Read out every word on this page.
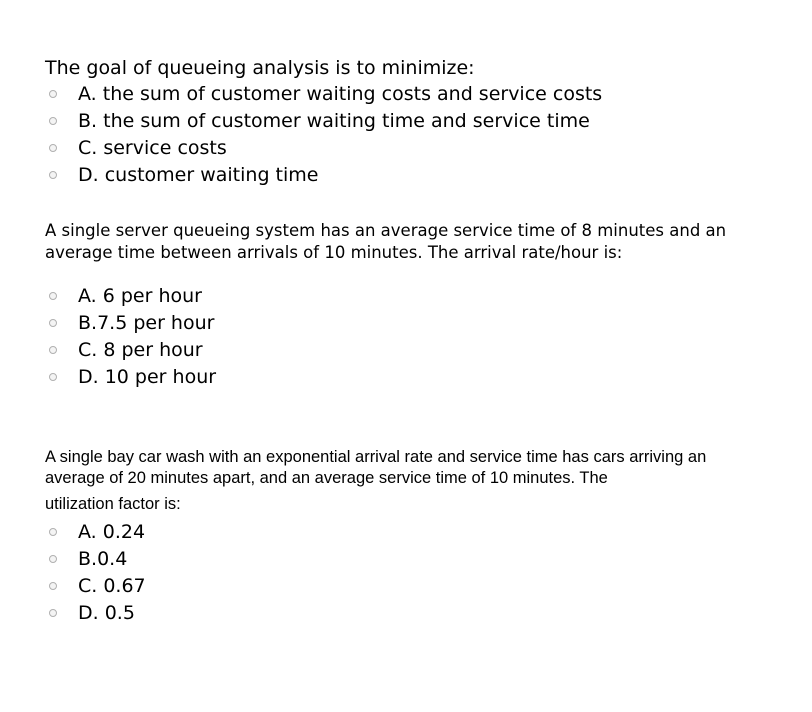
The goal of queueing analysis is to minimize:

A. the sum of customer waiting costs and service costs
B. the sum of customer waiting time and service time
C. service costs
D. customer waiting time

A single server queueing system has an average service time of 8 minutes and an average time between arrivals of 10 minutes. The arrival rate/hour is:

A. 6 per hour
B.7.5 per hour
C. 8 per hour
D. 10 per hour

A single bay car wash with an exponential arrival rate and service time has cars arriving an average of 20 minutes apart, and an average service time of 10 minutes. The
utilization factor is:

A. 0.24
B.0.4
C. 0.67
D. 0.5
